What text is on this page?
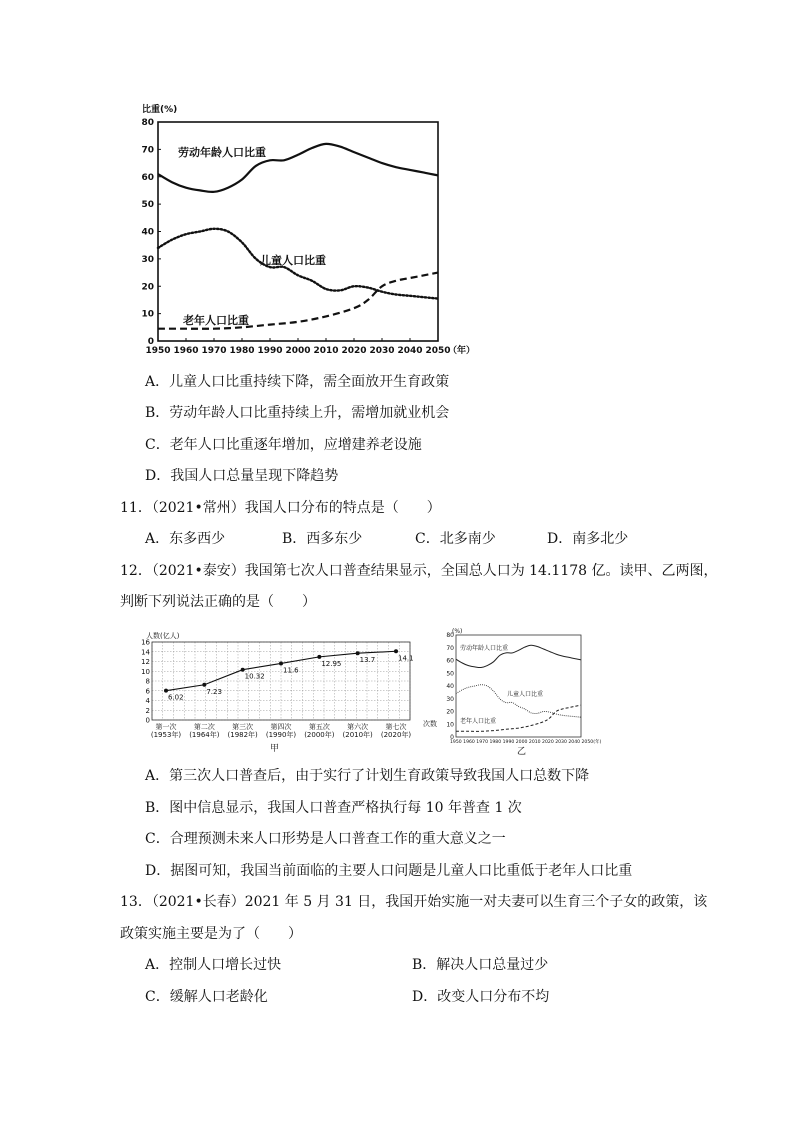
比重(%)
0
10
20
30
40
50
60
70
80
1950 1960 1970 1980 1990 2000 2010 2020 2030 2040 2050
（年）
劳动年龄人口比重
儿童人口比重
老年人口比重
A．儿童人口比重持续下降，需全面放开生育政策
B．劳动年龄人口比重持续上升，需增加就业机会
C．老年人口比重逐年增加，应增建养老设施
D．我国人口总量呈现下降趋势
11．（2021•常州）我国人口分布的特点是（　　）
A．东多西少	B．西多东少	C．北多南少	D．南多北少
12．（2021•泰安）我国第七次人口普查结果显示，全国总人口为 14.1178 亿。读甲、乙两图，
判断下列说法正确的是（　　）
人数(亿人)
0
2
4
6
8
10
12
14
16
第一次
(1953年)
第二次
(1964年)
第三次
(1982年)
第四次
(1990年)
第五次
(2000年)
第六次
(2010年)
第七次
(2020年)
6.02
7.23
10.32
11.6
12.95	13.7	14.1
次数
甲
(%)
0
10
20
30
40
50
60
70
80
1950 1960 1970 1980 1990 2000 2010 2020 2030 2040 2050(年)
劳动年龄人口比重
儿童人口比重
老年人口比重
乙
A．第三次人口普查后，由于实行了计划生育政策导致我国人口总数下降
B．图中信息显示，我国人口普查严格执行每 10 年普查 1 次
C．合理预测未来人口形势是人口普查工作的重大意义之一
D．据图可知，我国当前面临的主要人口问题是儿童人口比重低于老年人口比重
13．（2021•长春）2021 年 5 月 31 日，我国开始实施一对夫妻可以生育三个子女的政策，该
政策实施主要是为了（　　）
A．控制人口增长过快	B．解决人口总量过少
C．缓解人口老龄化	D．改变人口分布不均
